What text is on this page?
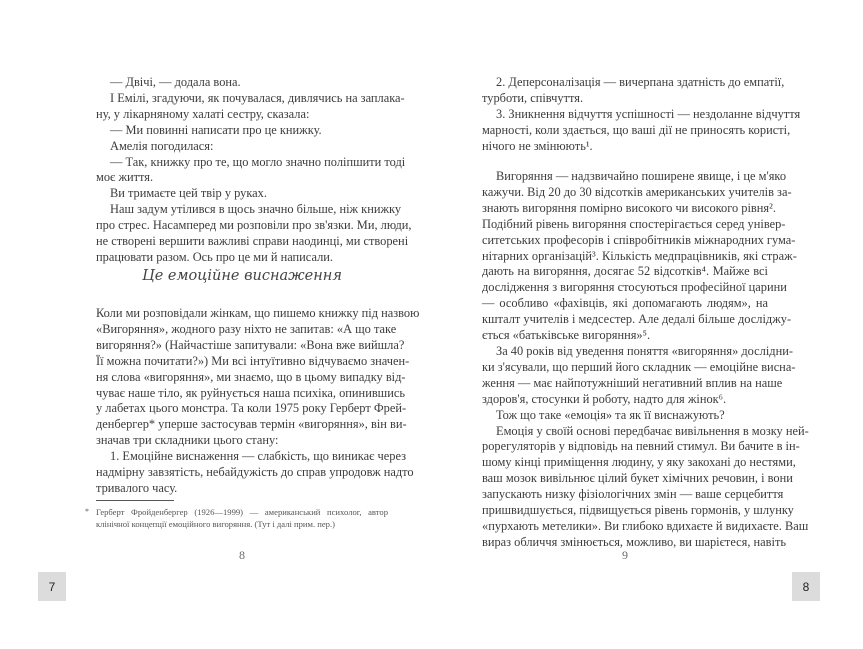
— Двічі, — додала вона.
І Емілі, згадуючи, як почувалася, дивлячись на заплака-
ну, у лікарняному халаті сестру, сказала:
— Ми повинні написати про це книжку.
Амелія погодилася:
— Так, книжку про те, що могло значно поліпшити тоді
моє життя.
Ви тримаєте цей твір у руках.
Наш задум утілився в щось значно більше, ніж книжку
про стрес. Насамперед ми розповіли про зв'язки. Ми, люди,
не створені вершити важливі справи наодинці, ми створені
працювати разом. Ось про це ми й написали.
Це емоційне виснаження
Коли ми розповідали жінкам, що пишемо книжку під назвою
«Вигоряння», жодного разу ніхто не запитав: «А що таке
вигоряння?» (Найчастіше запитували: «Вона вже вийшла?
Її можна почитати?») Ми всі інтуїтивно відчуваємо значен-
ня слова «вигоряння», ми знаємо, що в цьому випадку від-
чуває наше тіло, як руйнується наша психіка, опинившись
у лабетах цього монстра. Та коли 1975 року Герберт Фрей-
денбергер* уперше застосував термін «вигоряння», він ви-
значав три складники цього стану:
1. Емоційне виснаження — слабкість, що виникає через
надмірну завзятість, небайдужість до справ упродовж надто
тривалого часу.
* Герберт Фройденбергер (1926—1999) — американський психолог, автор
клінічної концепції емоційного вигоряння. (Тут і далі прим. пер.)
8
2. Деперсоналізація — вичерпана здатність до емпатії,
турботи, співчуття.
3. Зникнення відчуття успішності — нездоланне відчуття
марності, коли здається, що ваші дії не приносять користі,
нічого не змінюють¹.
Вигоряння — надзвичайно поширене явище, і це м'яко
кажучи. Від 20 до 30 відсотків американських учителів за-
знають вигоряння помірно високого чи високого рівня².
Подібний рівень вигоряння спостерігається серед універ-
ситетських професорів і співробітників міжнародних гума-
нітарних організацій³. Кількість медпрацівників, які страж-
дають на вигоряння, досягає 52 відсотків⁴. Майже всі
дослідження з вигоряння стосуються професійної царини
— особливо «фахівців, які допомагають людям», на
кшталт учителів і медсестер. Але дедалі більше досліджу-
ється «батьківське вигоряння»⁵.
За 40 років від уведення поняття «вигоряння» дослідни-
ки з'ясували, що перший його складник — емоційне висна-
ження — має найпотужніший негативний вплив на наше
здоров'я, стосунки й роботу, надто для жінок⁶.
Тож що таке «емоція» та як її виснажують?
Емоція у своїй основі передбачає вивільнення в мозку ней-
рорегуляторів у відповідь на певний стимул. Ви бачите в ін-
шому кінці приміщення людину, у яку закохані до нестями,
ваш мозок вивільнює цілий букет хімічних речовин, і вони
запускають низку фізіологічних змін — ваше серцебиття
пришвидшується, підвищується рівень гормонів, у шлунку
«пурхають метелики». Ви глибоко вдихаєте й видихаєте. Ваш
вираз обличчя змінюється, можливо, ви шарієтеся, навіть
9
7	8
